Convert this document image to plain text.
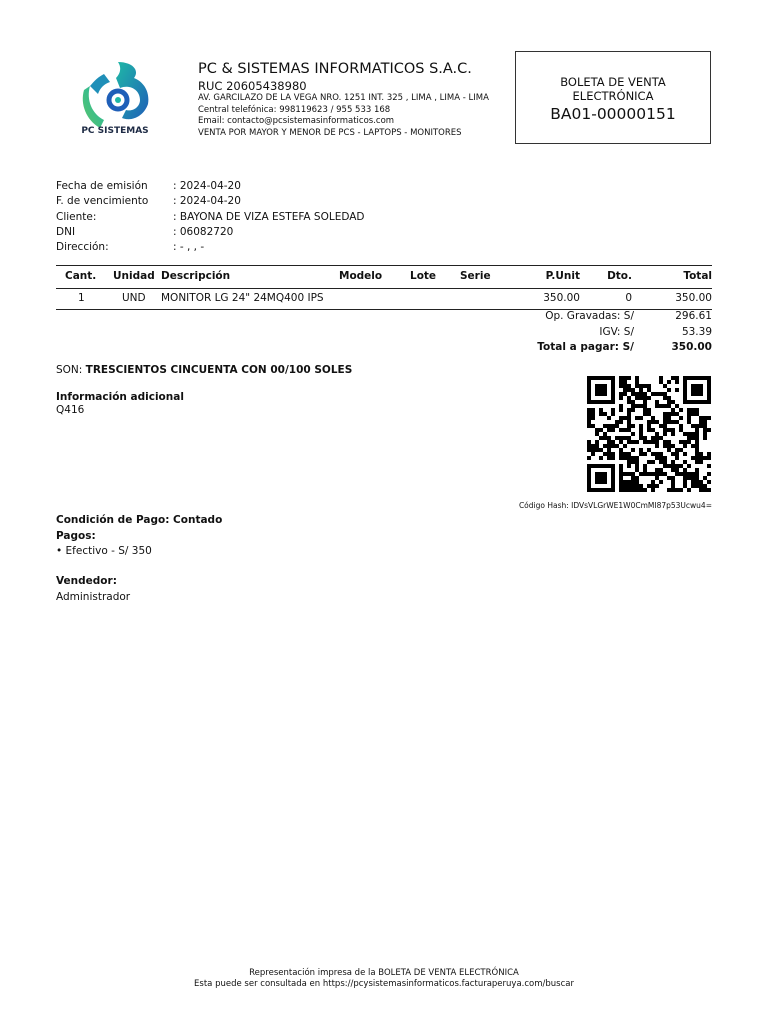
PC SISTEMAS
PC & SISTEMAS INFORMATICOS S.A.C.
RUC 20605438980
AV. GARCILAZO DE LA VEGA NRO. 1251 INT. 325 , LIMA , LIMA - LIMA
Central telefónica: 998119623 / 955 533 168
Email: contacto@pcsistemasinformaticos.com
VENTA POR MAYOR Y MENOR DE PCS - LAPTOPS - MONITORES
BOLETA DE VENTA
ELECTRÓNICA
BA01-00000151
Fecha de emisión	: 2024-04-20
F. de vencimiento	: 2024-04-20
Cliente:	: BAYONA DE VIZA ESTEFA SOLEDAD
DNI	: 06082720
Dirección:	: - , , -
Cant. Unidad Descripción	Modelo	Lote Serie	P.Unit	Dto.	Total
1	UND MONITOR LG 24" 24MQ400 IPS	350.00	0	350.00
Op. Gravadas: S/	296.61
IGV: S/	53.39
Total a pagar: S/	350.00
SON: TRESCIENTOS CINCUENTA CON 00/100 SOLES
Información adicional
Q416
Código Hash: IDVsVLGrWE1W0CmMI87p53Ucwu4=
Condición de Pago: Contado
Pagos:
• Efectivo - S/ 350
Vendedor:
Administrador
Representación impresa de la BOLETA DE VENTA ELECTRÓNICA
Esta puede ser consultada en https://pcysistemasinformaticos.facturaperuya.com/buscar
